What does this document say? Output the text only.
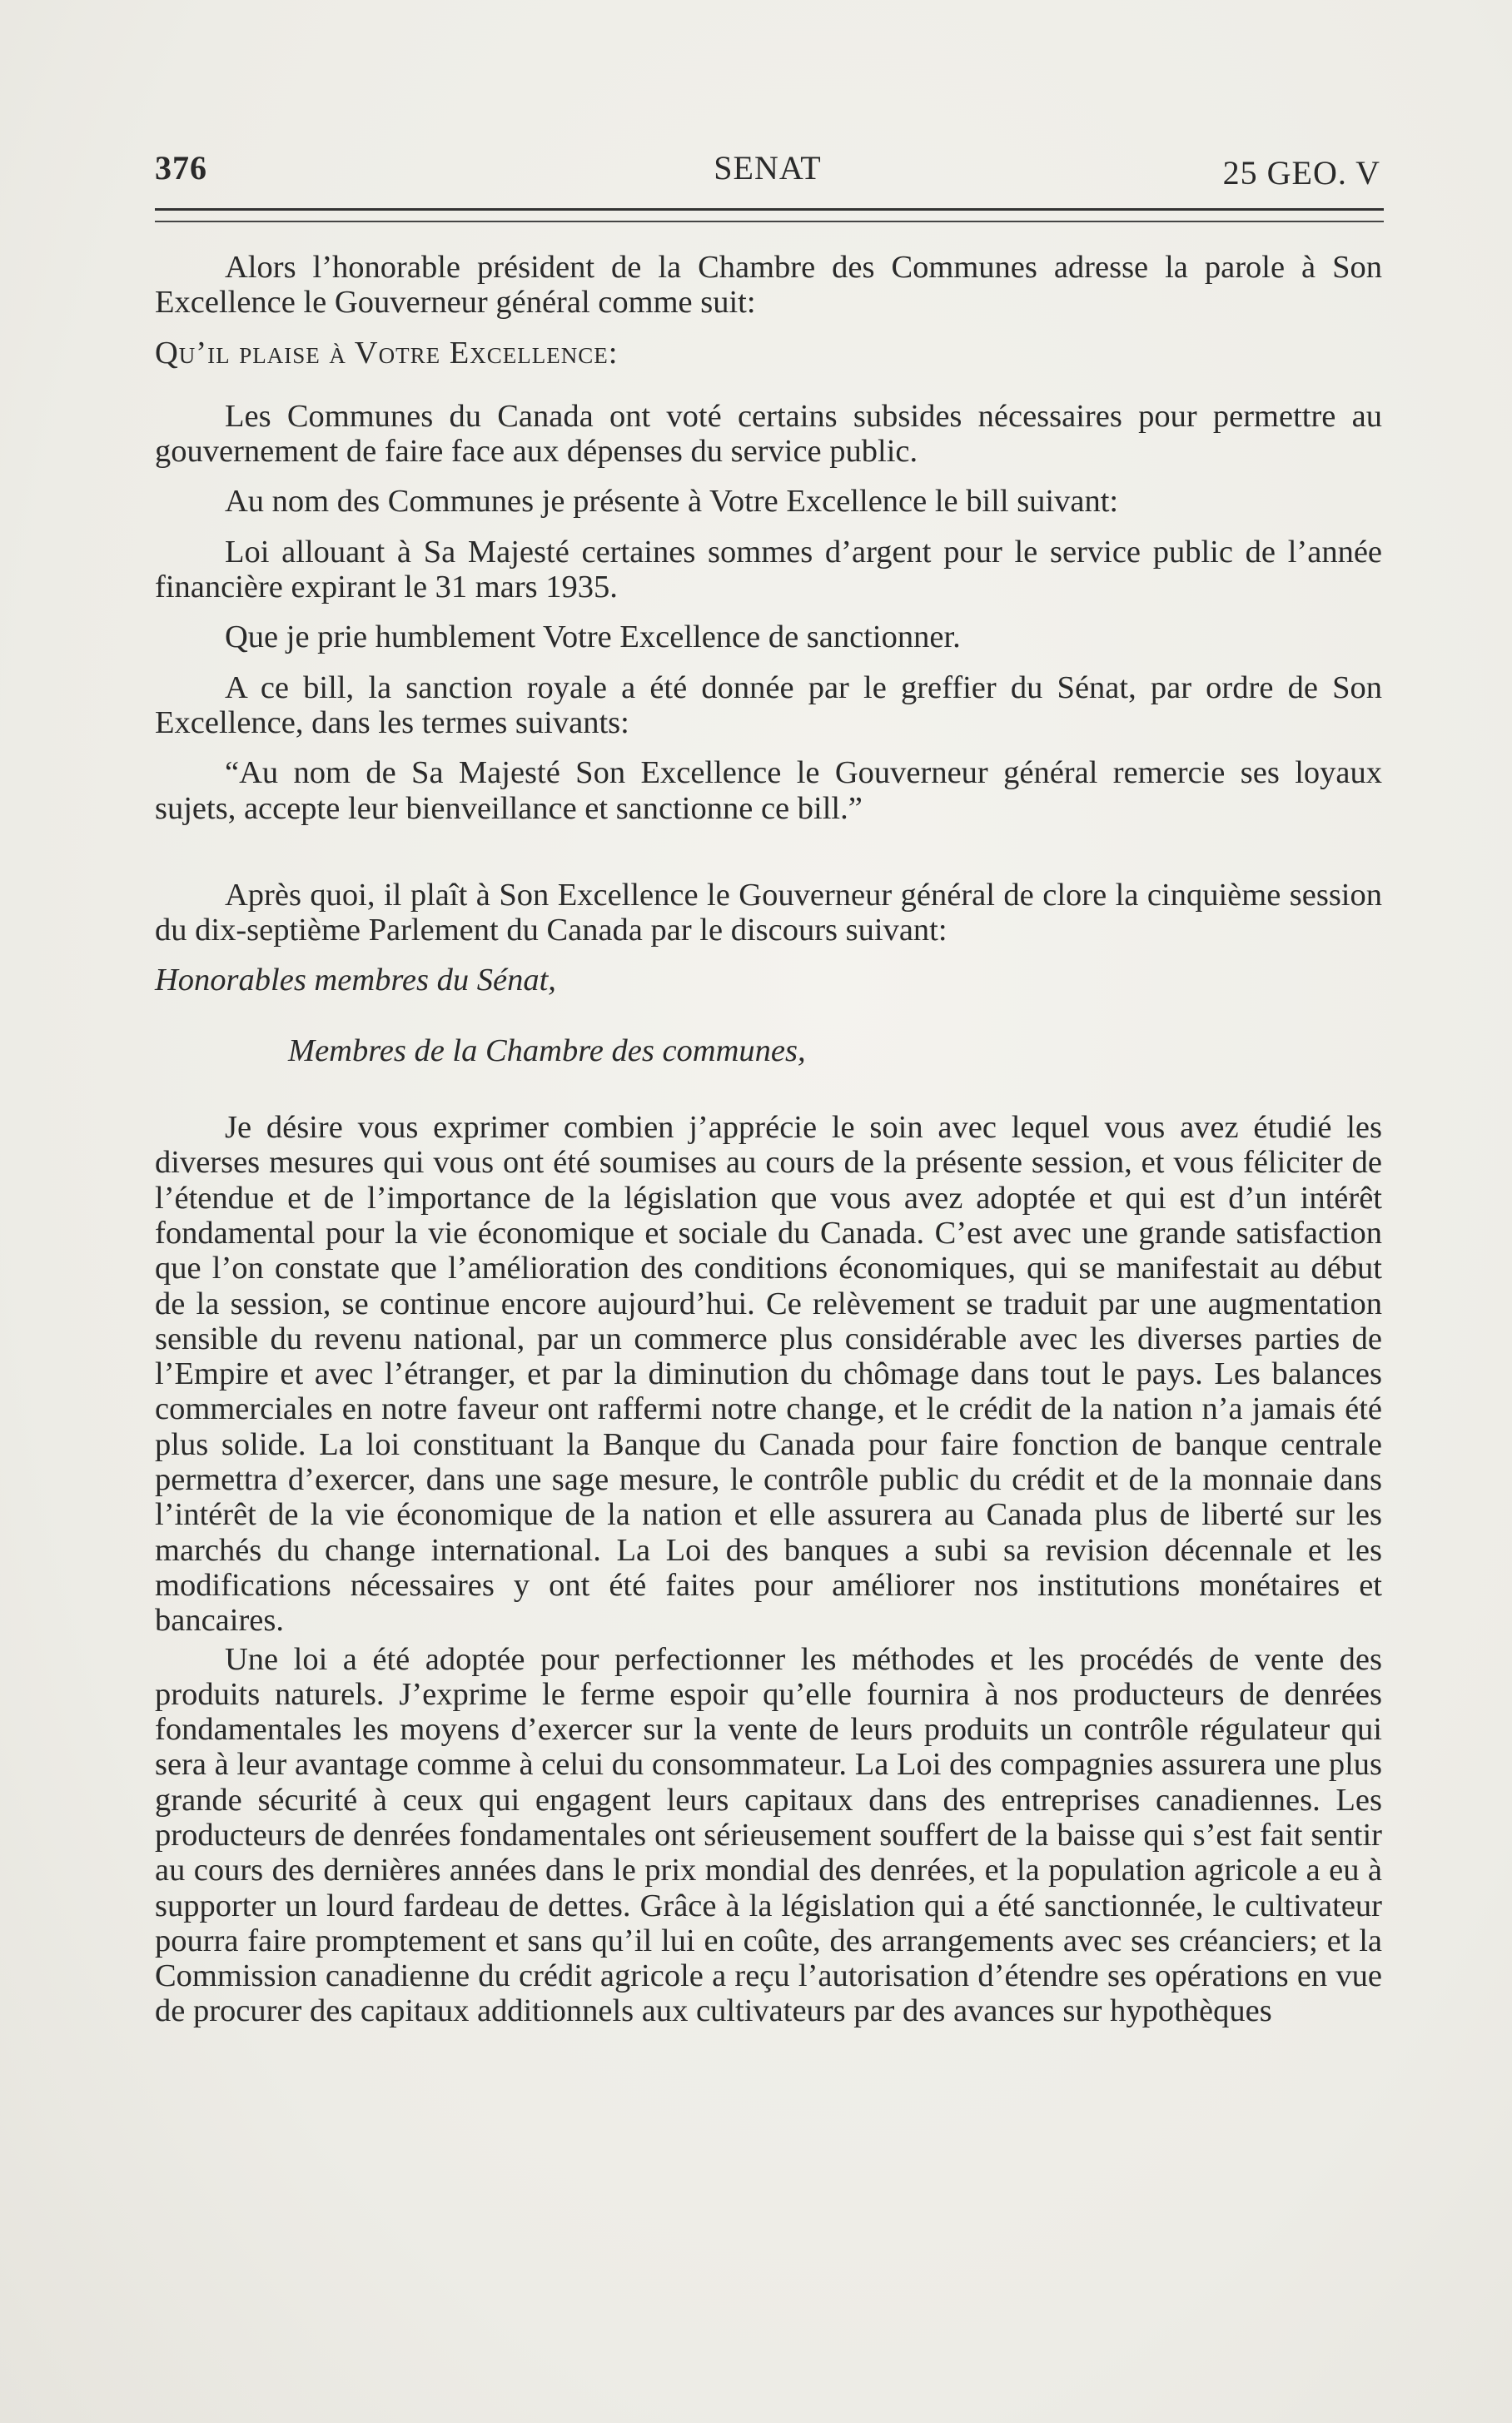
SENAT
376	25 GEO. V

Alors l’honorable président de la Chambre des Communes adresse la parole à Son Excellence le Gouverneur général comme suit:

Qu’il plaise à Votre Excellence:

Les Communes du Canada ont voté certains subsides nécessaires pour permettre au gouvernement de faire face aux dépenses du service public.

Au nom des Communes je présente à Votre Excellence le bill suivant:

Loi allouant à Sa Majesté certaines sommes d’argent pour le service public de l’année financière expirant le 31 mars 1935.

Que je prie humblement Votre Excellence de sanctionner.

A ce bill, la sanction royale a été donnée par le greffier du Sénat, par ordre de Son Excellence, dans les termes suivants:

“Au nom de Sa Majesté Son Excellence le Gouverneur général remercie ses loyaux sujets, accepte leur bienveillance et sanctionne ce bill.”

Après quoi, il plaît à Son Excellence le Gouverneur général de clore la cinquième session du dix-septième Parlement du Canada par le discours suivant:

Honorables membres du Sénat,

Membres de la Chambre des communes,

Je désire vous exprimer combien j’apprécie le soin avec lequel vous avez étudié les diverses mesures qui vous ont été soumises au cours de la présente session, et vous féliciter de l’étendue et de l’importance de la législation que vous avez adoptée et qui est d’un intérêt fondamental pour la vie économique et sociale du Canada. C’est avec une grande satisfaction que l’on constate que l’amélioration des conditions économiques, qui se manifestait au début de la session, se continue encore aujourd’hui. Ce relèvement se traduit par une augmentation sensible du revenu national, par un commerce plus considérable avec les diverses parties de l’Empire et avec l’étranger, et par la diminution du chômage dans tout le pays. Les balances commerciales en notre faveur ont raffermi notre change, et le crédit de la nation n’a jamais été plus solide. La loi constituant la Banque du Canada pour faire fonction de banque centrale permettra d’exercer, dans une sage mesure, le contrôle public du crédit et de la monnaie dans l’intérêt de la vie économique de la nation et elle assurera au Canada plus de liberté sur les marchés du change international. La Loi des banques a subi sa revision décennale et les modifications nécessaires y ont été faites pour améliorer nos institutions monétaires et bancaires.

Une loi a été adoptée pour perfectionner les méthodes et les procédés de vente des produits naturels. J’exprime le ferme espoir qu’elle fournira à nos producteurs de denrées fondamentales les moyens d’exercer sur la vente de leurs produits un contrôle régulateur qui sera à leur avantage comme à celui du consommateur. La Loi des compagnies assurera une plus grande sécurité à ceux qui engagent leurs capitaux dans des entreprises canadiennes. Les producteurs de denrées fondamentales ont sérieusement souffert de la baisse qui s’est fait sentir au cours des dernières années dans le prix mondial des denrées, et la population agricole a eu à supporter un lourd fardeau de dettes. Grâce à la législation qui a été sanctionnée, le cultivateur pourra faire promptement et sans qu’il lui en coûte, des arrangements avec ses créanciers; et la Commission canadienne du crédit agricole a reçu l’autorisation d’étendre ses opérations en vue de procurer des capitaux additionnels aux cultivateurs par des avances sur hypothèques
